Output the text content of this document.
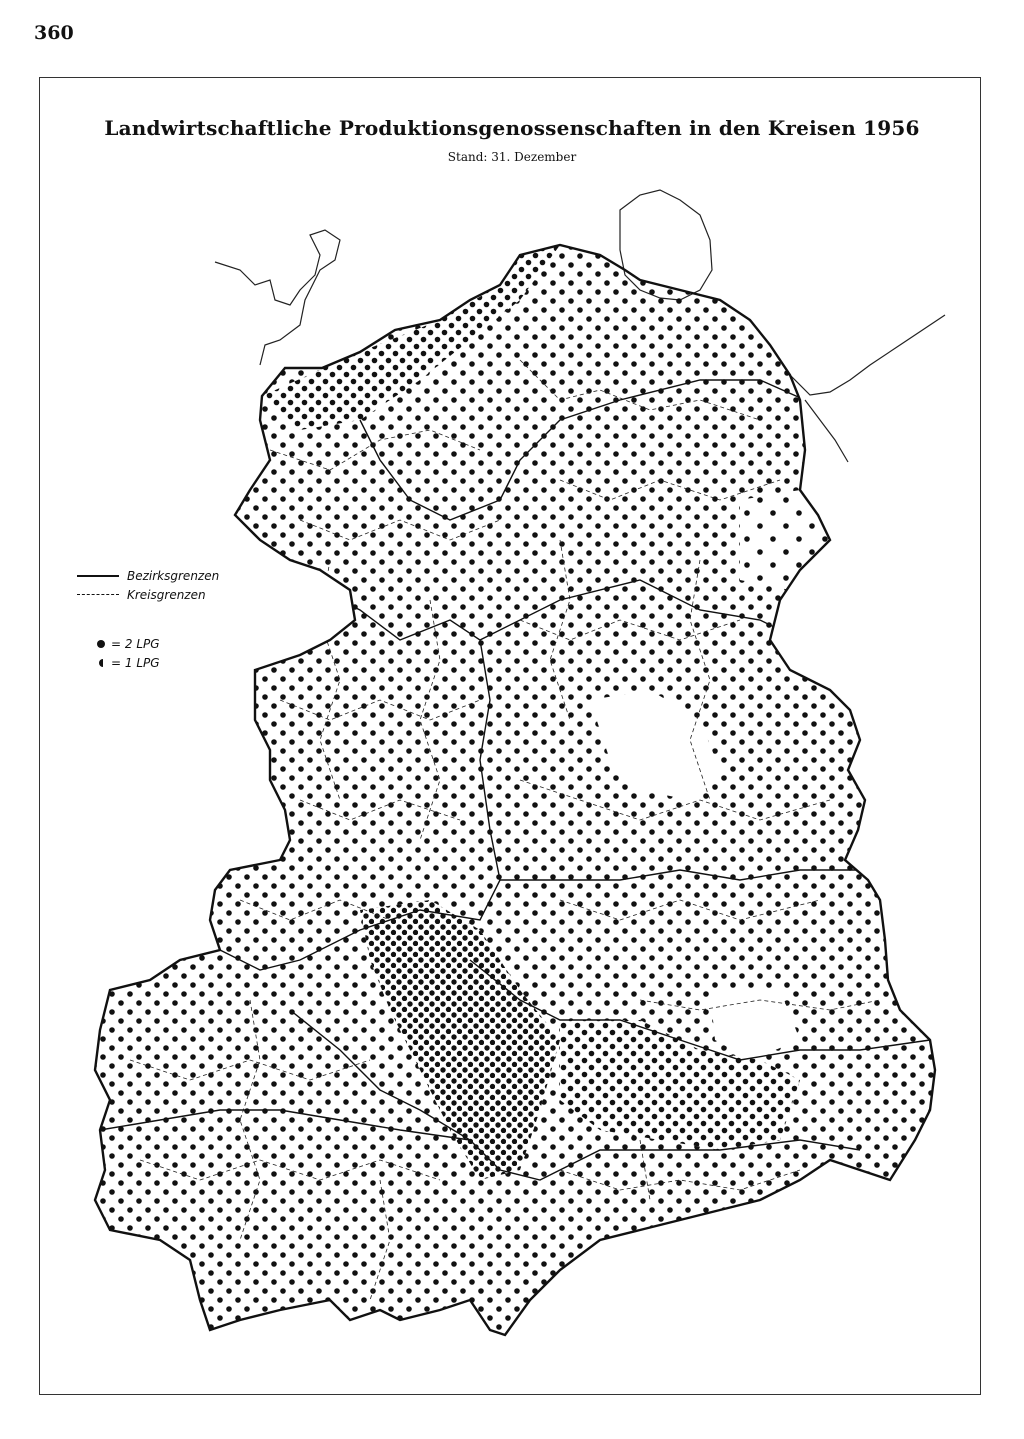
360
Landwirtschaftliche Produktionsgenossenschaften in den Kreisen 1956
Stand: 31. Dezember
Bezirksgrenzen
Kreisgrenzen
= 2 LPG
= 1 LPG
